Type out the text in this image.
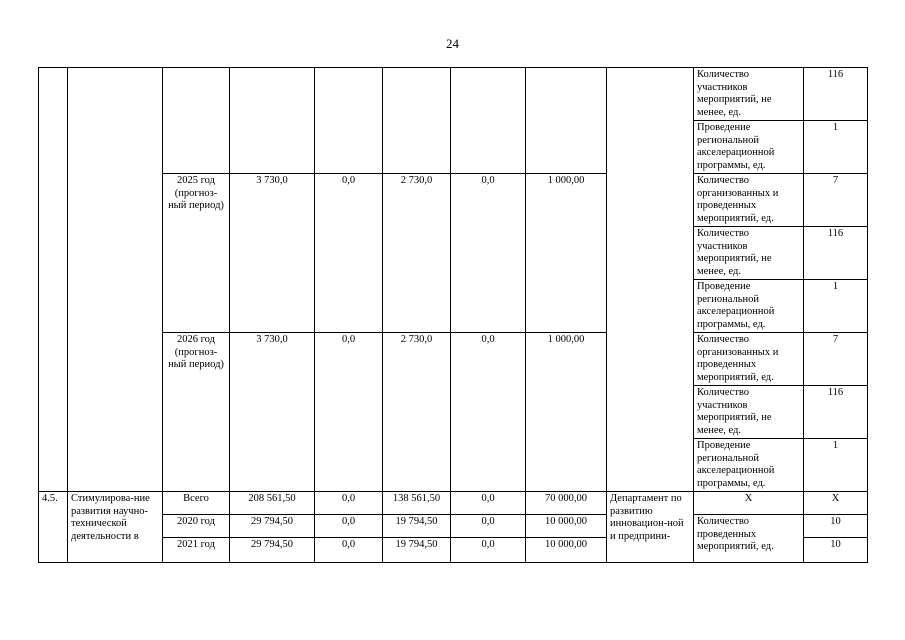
24
									Количество участников мероприятий, не менее, ед.	116
									Проведение региональной акселерационной программы, ед.	1
		2025 год (прогноз-ный период)	3 730,0	0,0	2 730,0	0,0	1 000,00		Количество организованных и проведенных мероприятий, ед.	7
									Количество участников мероприятий, не менее, ед.	116
									Проведение региональной акселерационной программы, ед.	1
		2026 год (прогноз-ный период)	3 730,0	0,0	2 730,0	0,0	1 000,00		Количество организованных и проведенных мероприятий, ед.	7
									Количество участников мероприятий, не менее, ед.	116
									Проведение региональной акселерационной программы, ед.	1
4.5.	Стимулирова-ние развития научно-технической деятельности в	Всего	208 561,50	0,0	138 561,50	0,0	70 000,00	Департамент по развитию инновацион-ной и предприни-	Х	Х
		2020 год	29 794,50	0,0	19 794,50	0,0	10 000,00		Количество проведенных мероприятий, ед.	10
		2021 год	29 794,50	0,0	19 794,50	0,0	10 000,00			10
